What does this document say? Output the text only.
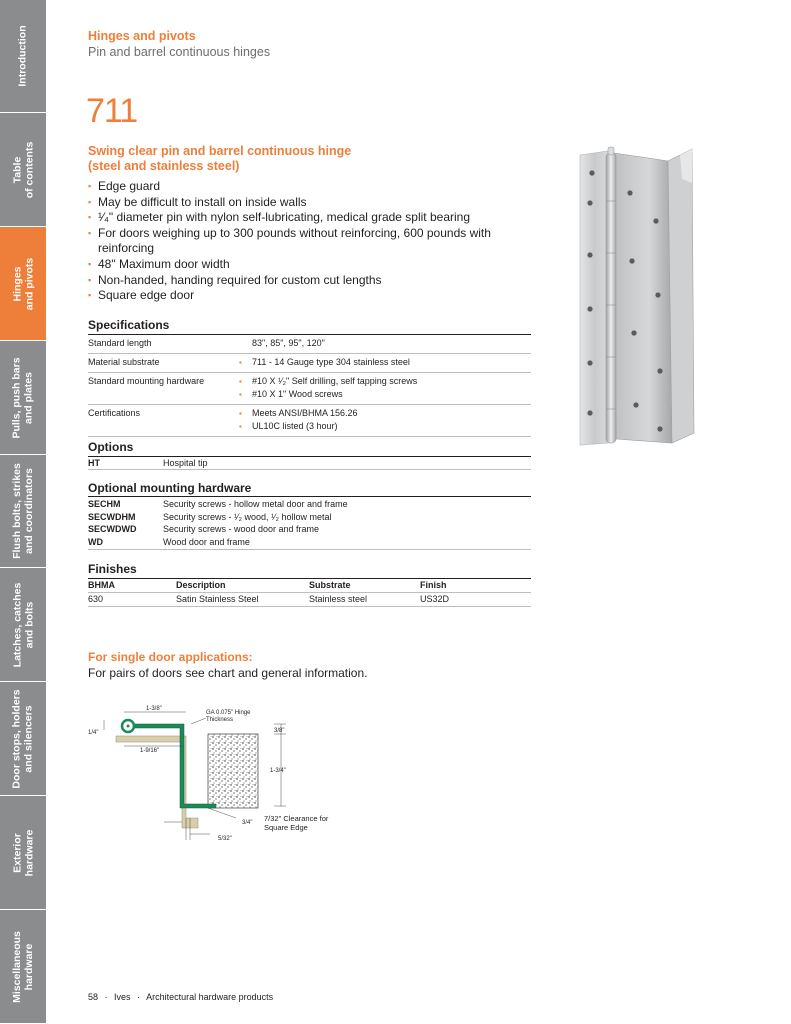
Introduction
Table
of contents
Hinges
and pivots
Pulls, push bars
and plates
Flush bolts, strikes
and coordinators
Latches, catches
and bolts
Door stops, holders
and silencers
Exterior
hardware
Miscellaneous
hardware
Hinges and pivots
Pin and barrel continuous hinges
711
Swing clear pin and barrel continuous hinge
(steel and stainless steel)
▪ Edge guard
▪ May be difficult to install on inside walls
▪ ¹⁄₄" diameter pin with nylon self-lubricating, medical grade split bearing
▪ For doors weighing up to 300 pounds without reinforcing, 600 pounds with reinforcing
▪ 48" Maximum door width
▪ Non-handed, handing required for custom cut lengths
▪ Square edge door
Specifications
Standard length	83", 85", 95", 120"
Material substrate	▪ 711 - 14 Gauge type 304 stainless steel
Standard mounting hardware	▪ #10 X ¹⁄₂" Self drilling, self tapping screws
▪ #10 X 1" Wood screws
Certifications	▪ Meets ANSI/BHMA 156.26
▪ UL10C listed (3 hour)
Options
HT	Hospital tip
Optional mounting hardware
SECHM	Security screws - hollow metal door and frame
SECWDHM	Security screws - ¹⁄₂ wood, ¹⁄₂ hollow metal
SECWDWD	Security screws - wood door and frame
WD	Wood door and frame
Finishes
BHMA	Description	Substrate	Finish
630	Satin Stainless Steel	Stainless steel	US32D
For single door applications:
For pairs of doors see chart and general information.
1-3/8"
1/4"
1-9/16"
GA 0.075" Hinge
Thickness
3/8"
1-3/4"
3/4"
5/32"
7/32" Clearance for
Square Edge
58 · Ives · Architectural hardware products
